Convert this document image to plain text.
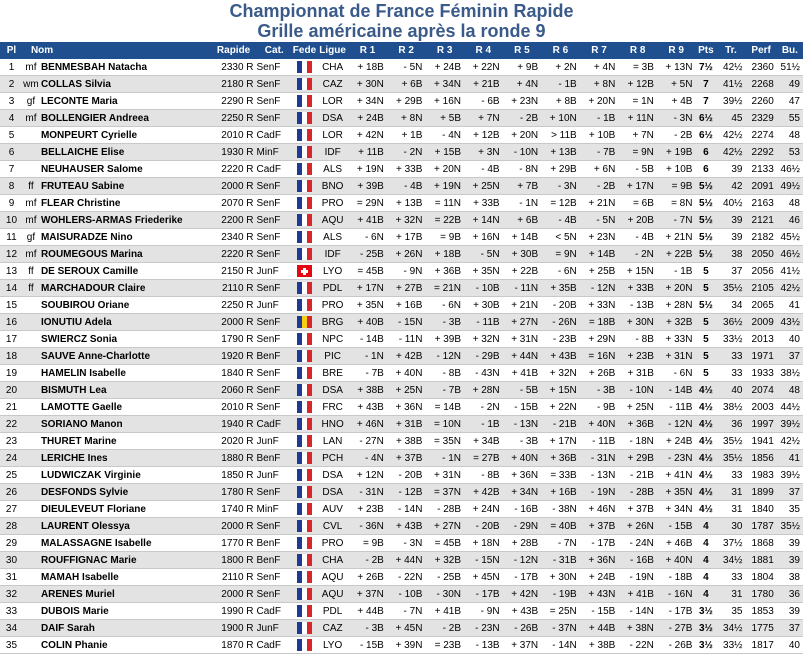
Championnat de France Féminin Rapide
Grille américaine après la ronde 9
Pl	Nom	Rapide	Cat.	Fede	Ligue	R 1	R 2	R 3	R 4	R 5	R 6	R 7	R 8	R 9	Pts	Tr.	Perf	Bu.
1	mf BENMESBAH Natacha	2330 R	SenF		CHA	+ 18B	- 5N	+ 24B	+ 22N	+ 9B	+ 2N	+ 4N	= 3B	+ 13N	7½	42½	2360	51½
2	wm COLLAS Silvia	2180 R	SenF		CAZ	+ 30N	+ 6B	+ 34N	+ 21B	+ 4N	- 1B	+ 8N	+ 12B	+ 5N	7	41½	2268	49
3	gf LECONTE Maria	2290 R	SenF		LOR	+ 34N	+ 29B	+ 16N	- 6B	+ 23N	+ 8B	+ 20N	= 1N	+ 4B	7	39½	2260	47
4	mf BOLLENGIER Andreea	2250 R	SenF		DSA	+ 24B	+ 8N	+ 5B	+ 7N	- 2B	+ 10N	- 1B	+ 11N	- 3N	6½	45	2329	55
5	MONPEURT Cyrielle	2010 R	CadF		LOR	+ 42N	+ 1B	- 4N	+ 12B	+ 20N	> 11B	+ 10B	+ 7N	- 2B	6½	42½	2274	48
6	BELLAICHE Elise	1930 R	MinF		IDF	+ 11B	- 2N	+ 15B	+ 3N	- 10N	+ 13B	- 7B	= 9N	+ 19B	6	42½	2292	53
7	NEUHAUSER Salome	2220 R	CadF		ALS	+ 19N	+ 33B	+ 20N	- 4B	- 8N	+ 29B	+ 6N	- 5B	+ 10B	6	39	2133	46½
8	ff FRUTEAU Sabine	2000 R	SenF		BNO	+ 39B	- 4B	+ 19N	+ 25N	+ 7B	- 3N	- 2B	+ 17N	= 9B	5½	42	2091	49½
9	mf FLEAR Christine	2070 R	SenF		PRO	= 29N	+ 13B	= 11N	+ 33B	- 1N	= 12B	+ 21N	= 6B	= 8N	5½	40½	2163	48
10	mf WOHLERS-ARMAS Friederike	2200 R	SenF		AQU	+ 41B	+ 32N	= 22B	+ 14N	+ 6B	- 4B	- 5N	+ 20B	- 7N	5½	39	2121	46
11	gf MAISURADZE Nino	2340 R	SenF		ALS	- 6N	+ 17B	= 9B	+ 16N	+ 14B	< 5N	+ 23N	- 4B	+ 21N	5½	39	2182	45½
12	mf ROUMEGOUS Marina	2220 R	SenF		IDF	- 25B	+ 26N	+ 18B	- 5N	+ 30B	= 9N	+ 14B	- 2N	+ 22B	5½	38	2050	46½
13	ff DE SEROUX Camille	2150 R	JunF		LYO	= 45B	- 9N	+ 36B	+ 35N	+ 22B	- 6N	+ 25B	+ 15N	- 1B	5	37	2056	41½
14	ff MARCHADOUR Claire	2110 R	SenF		PDL	+ 17N	+ 27B	= 21N	- 10B	- 11N	+ 35B	- 12N	+ 33B	+ 20N	5	35½	2105	42½
15	SOUBIROU Oriane	2250 R	JunF		PRO	+ 35N	+ 16B	- 6N	+ 30B	+ 21N	- 20B	+ 33N	- 13B	+ 28N	5½	34	2065	41
16	IONUTIU Adela	2000 R	SenF		BRG	+ 40B	- 15N	- 3B	- 11B	+ 27N	- 26N	= 18B	+ 30N	+ 32B	5	36½	2009	43½
17	SWIERCZ Sonia	1790 R	SenF		NPC	- 14B	- 11N	+ 39B	+ 32N	+ 31N	- 23B	+ 29N	- 8B	+ 33N	5	33½	2013	40
18	SAUVE Anne-Charlotte	1920 R	BenF		PIC	- 1N	+ 42B	- 12N	- 29B	+ 44N	+ 43B	= 16N	+ 23B	+ 31N	5	33	1971	37
19	HAMELIN Isabelle	1840 R	SenF		BRE	- 7B	+ 40N	- 8B	- 43N	+ 41B	+ 32N	+ 26B	+ 31B	- 6N	5	33	1933	38½
20	BISMUTH Lea	2060 R	SenF		DSA	+ 38B	+ 25N	- 7B	+ 28N	- 5B	+ 15N	- 3B	- 10N	- 14B	4½	40	2074	48
21	LAMOTTE Gaelle	2010 R	SenF		FRC	+ 43B	+ 36N	= 14B	- 2N	- 15B	+ 22N	- 9B	+ 25N	- 11B	4½	38½	2003	44½
22	SORIANO Manon	1940 R	CadF		HNO	+ 46N	+ 31B	= 10N	- 1B	- 13N	- 21B	+ 40N	+ 36B	- 12N	4½	36	1997	39½
23	THURET Marine	2020 R	JunF		LAN	- 27N	+ 38B	= 35N	+ 34B	- 3B	+ 17N	- 11B	- 18N	+ 24B	4½	35½	1941	42½
24	LERICHE Ines	1880 R	BenF		PCH	- 4N	+ 37B	- 1N	= 27B	+ 40N	+ 36B	- 31N	+ 29B	- 23N	4½	35½	1856	41
25	LUDWICZAK Virginie	1850 R	JunF		DSA	+ 12N	- 20B	+ 31N	- 8B	+ 36N	= 33B	- 13N	- 21B	+ 41N	4½	33	1983	39½
26	DESFONDS Sylvie	1780 R	SenF		DSA	- 31N	- 12B	= 37N	+ 42B	+ 34N	+ 16B	- 19N	- 28B	+ 35N	4½	31	1899	37
27	DIEULEVEUT Floriane	1740 R	MinF		AUV	+ 23B	- 14N	- 28B	+ 24N	- 16B	- 38N	+ 46N	+ 37B	+ 34N	4½	31	1840	35
28	LAURENT Olessya	2000 R	SenF		CVL	- 36N	+ 43B	+ 27N	- 20B	- 29N	= 40B	+ 37B	+ 26N	- 15B	4	30	1787	35½
29	MALASSAGNE Isabelle	1770 R	BenF		PRO	= 9B	- 3N	= 45B	+ 18N	+ 28B	- 7N	- 17B	- 24N	+ 46B	4	37½	1868	39
30	ROUFFIGNAC Marie	1800 R	BenF		CHA	- 2B	+ 44N	+ 32B	- 15N	- 12N	- 31B	+ 36N	- 16B	+ 40N	4	34½	1881	39
31	MAMAH Isabelle	2110 R	SenF		AQU	+ 26B	- 22N	- 25B	+ 45N	- 17B	+ 30N	+ 24B	- 19N	- 18B	4	33	1804	38
32	ARENES Muriel	2000 R	SenF		AQU	+ 37N	- 10B	- 30N	- 17B	+ 42N	- 19B	+ 43N	+ 41B	- 16N	4	31	1780	36
33	DUBOIS Marie	1990 R	CadF		PDL	+ 44B	- 7N	+ 41B	- 9N	+ 43B	= 25N	- 15B	- 14N	- 17B	3½	35	1853	39
34	DAIF Sarah	1900 R	JunF		CAZ	- 3B	+ 45N	- 2B	- 23N	- 26B	- 37N	+ 44B	+ 38N	- 27B	3½	34½	1775	37
35	COLIN Phanie	1870 R	CadF		LYO	- 15B	+ 39N	= 23B	- 13B	+ 37N	- 14N	+ 38B	- 22N	- 26B	3½	33½	1817	40
